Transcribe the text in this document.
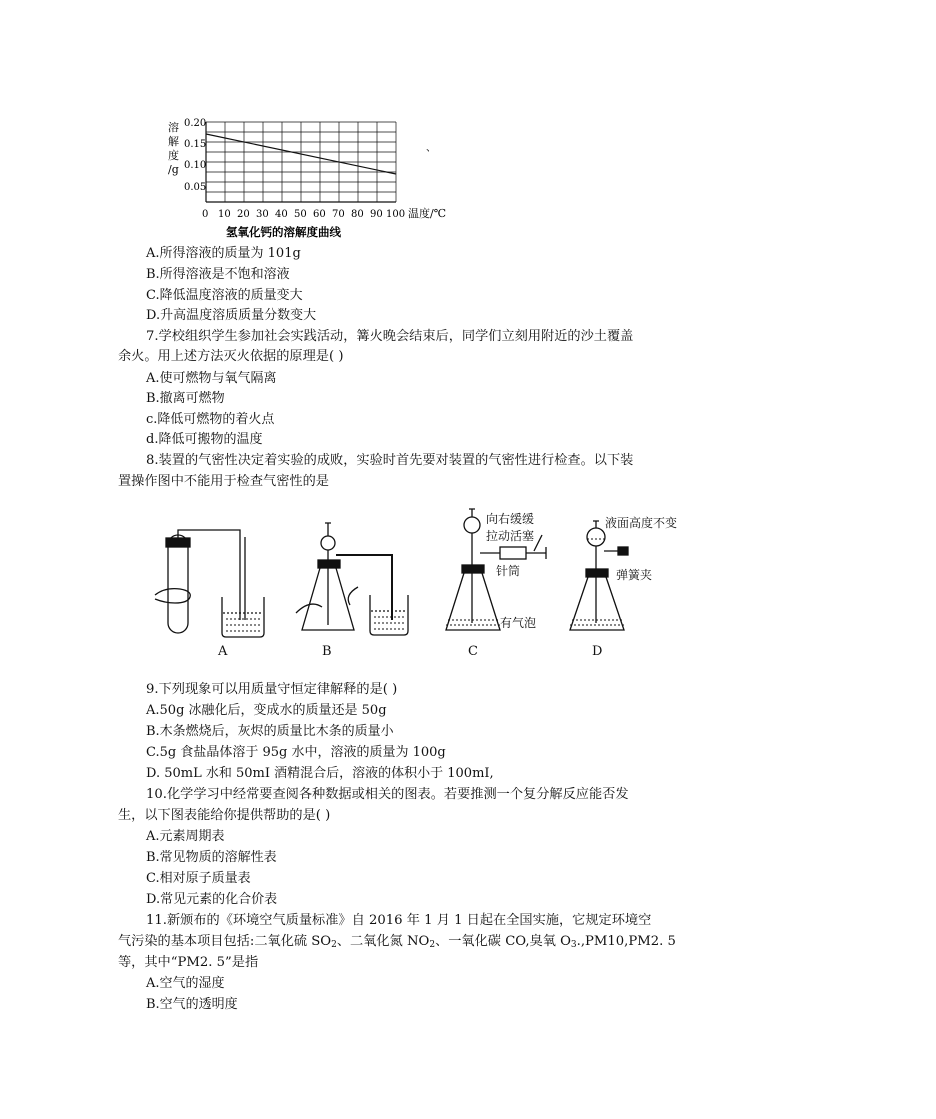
溶
解
度
/g
0.20
0.15
0.10
0.05
0 10 20 30 40 50 60 70 80 90 100 温度/℃
氢氧化钙的溶解度曲线
、
A.所得溶液的质量为 101g
B.所得溶液是不饱和溶液
C.降低温度溶液的质量变大
D.升高温度溶质质量分数变大
7.学校组织学生参加社会实践活动，篝火晚会结束后，同学们立刻用附近的沙土覆盖
余火。用上述方法灭火依据的原理是( )
A.使可燃物与氧气隔离
B.撤离可燃物
c.降低可燃物的着火点
d.降低可搬物的温度
8.装置的气密性决定着实验的成败，实验时首先要对装置的气密性进行检查。以下装
置操作图中不能用于检查气密性的是
A	B
向右缓缓
拉动活塞
针筒
有气泡
C
液面高度不变
弹簧夹
D
9.下列现象可以用质量守恒定律解释的是( )
A.50g 冰融化后，变成水的质量还是 50g
B.木条燃烧后，灰烬的质量比木条的质量小
C.5g 食盐晶体溶于 95g 水中，溶液的质量为 100g
D. 50mL 水和 50mI 酒精混合后，溶液的体积小于 100mI,
10.化学学习中经常要查阅各种数据或相关的图表。若要推测一个复分解反应能否发
生，以下图表能给你提供帮助的是( )
A.元素周期表
B.常见物质的溶解性表
C.相对原子质量表
D.常见元素的化合价表
11.新颁布的《环境空气质量标准》自 2016 年 1 月 1 日起在全国实施，它规定环境空
气污染的基本项目包括:二氧化硫 $SO_2$、二氧化氮 $NO_2$、一氧化碳 CO,臭氧 $O_3.,PM10,PM2$. 5
等，其中“PM2. 5”是指
A.空气的湿度
B.空气的透明度
